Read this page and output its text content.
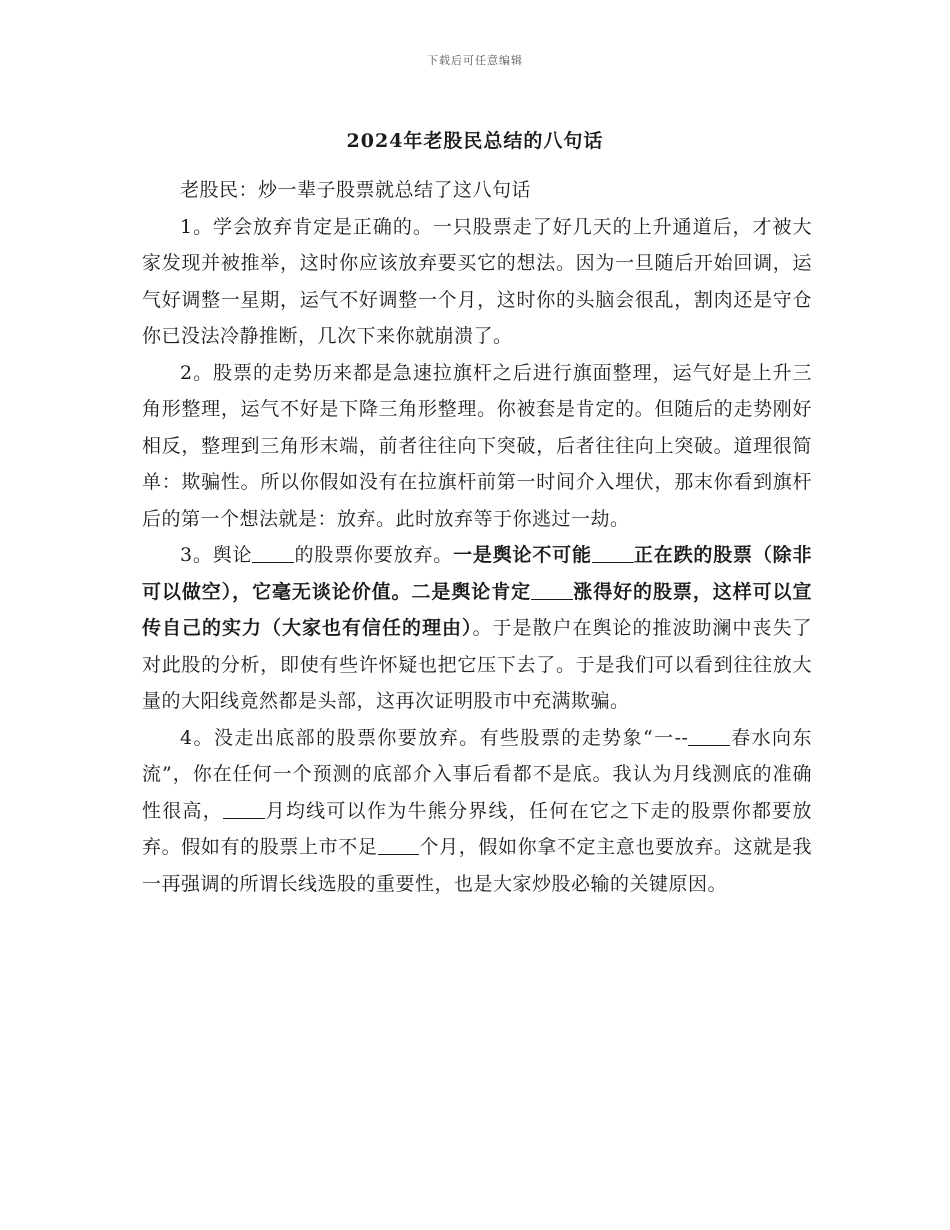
下载后可任意编辑
2024年老股民总结的八句话

老股民：炒一辈子股票就总结了这八句话

1。学会放弃肯定是正确的。一只股票走了好几天的上升通道后，才被大家发现并被推举，这时你应该放弃要买它的想法。因为一旦随后开始回调，运气好调整一星期，运气不好调整一个月，这时你的头脑会很乱，割肉还是守仓你已没法冷静推断，几次下来你就崩溃了。

2。股票的走势历来都是急速拉旗杆之后进行旗面整理，运气好是上升三角形整理，运气不好是下降三角形整理。你被套是肯定的。但随后的走势刚好相反，整理到三角形末端，前者往往向下突破，后者往往向上突破。道理很简单：欺骗性。所以你假如没有在拉旗杆前第一时间介入埋伏，那末你看到旗杆后的第一个想法就是：放弃。此时放弃等于你逃过一劫。

3。舆论 的股票你要放弃。一是舆论不可能 正在跌的股票（除非可以做空），它毫无谈论价值。二是舆论肯定 涨得好的股票，这样可以宣传自己的实力（大家也有信任的理由）。于是散户在舆论的推波助澜中丧失了对此股的分析，即使有些许怀疑也把它压下去了。于是我们可以看到往往放大量的大阳线竟然都是头部，这再次证明股市中充满欺骗。

4。没走出底部的股票你要放弃。有些股票的走势象“一-- 春水向东流”，你在任何一个预测的底部介入事后看都不是底。我认为月线测底的准确性很高， 月均线可以作为牛熊分界线，任何在它之下走的股票你都要放弃。假如有的股票上市不足 个月，假如你拿不定主意也要放弃。这就是我一再强调的所谓长线选股的重要性，也是大家炒股必输的关键原因。
